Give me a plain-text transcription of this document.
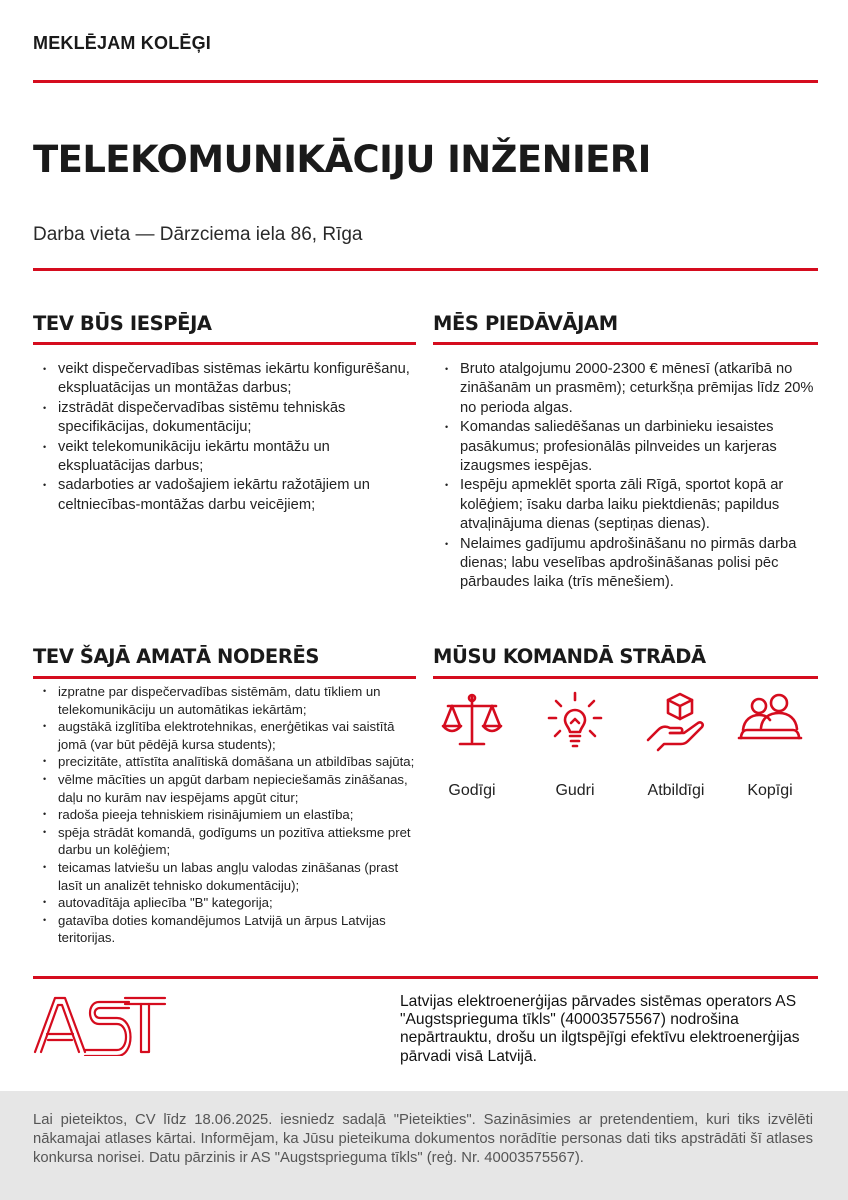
MEKLĒJAM KOLĒĢI
TELEKOMUNIKĀCIJU INŽENIERI
Darba vieta — Dārzciema iela 86, Rīga
TEV BŪS IESPĒJA
• veikt dispečervadības sistēmas iekārtu konfigurēšanu, ekspluatācijas un montāžas darbus;
• izstrādāt dispečervadības sistēmu tehniskās specifikācijas, dokumentāciju;
• veikt telekomunikāciju iekārtu montāžu un ekspluatācijas darbus;
• sadarboties ar vadošajiem iekārtu ražotājiem un celtniecības-montāžas darbu veicējiem;
MĒS PIEDĀVĀJAM
• Bruto atalgojumu 2000-2300 € mēnesī (atkarībā no zināšanām un prasmēm); ceturkšņa prēmijas līdz 20% no perioda algas.
• Komandas saliedēšanas un darbinieku iesaistes pasākumus; profesionālās pilnveides un karjeras izaugsmes iespējas.
• Iespēju apmeklēt sporta zāli Rīgā, sportot kopā ar kolēģiem; īsaku darba laiku piektdienās; papildus atvaļinājuma dienas (septiņas dienas).
• Nelaimes gadījumu apdrošināšanu no pirmās darba dienas; labu veselības apdrošināšanas polisi pēc pārbaudes laika (trīs mēnešiem).
TEV ŠAJĀ AMATĀ NODERĒS
• izpratne par dispečervadības sistēmām, datu tīkliem un telekomunikāciju un automātikas iekārtām;
• augstākā izglītība elektrotehnikas, enerģētikas vai saistītā jomā (var būt pēdējā kursa students);
• precizitāte, attīstīta analītiskā domāšana un atbildības sajūta;
• vēlme mācīties un apgūt darbam nepieciešamās zināšanas, daļu no kurām nav iespējams apgūt citur;
• radoša pieeja tehniskiem risinājumiem un elastība;
• spēja strādāt komandā, godīgums un pozitīva attieksme pret darbu un kolēģiem;
• teicamas latviešu un labas angļu valodas zināšanas (prast lasīt un analizēt tehnisko dokumentāciju);
• autovadītāja apliecība "B" kategorija;
• gatavība doties komandējumos Latvijā un ārpus Latvijas teritorijas.
MŪSU KOMANDĀ STRĀDĀ
Godīgi	Gudri	Atbildīgi	Kopīgi
Latvijas elektroenerģijas pārvades sistēmas operators AS "Augstsprieguma tīkls" (40003575567) nodrošina nepārtrauktu, drošu un ilgtspējīgi efektīvu elektroenerģijas pārvadi visā Latvijā.
Lai pieteiktos, CV līdz 18.06.2025. iesniedz sadaļā "Pieteikties". Sazināsimies ar pretendentiem, kuri tiks izvēlēti nākamajai atlases kārtai. Informējam, ka Jūsu pieteikuma dokumentos norādītie personas dati tiks apstrādāti šī atlases konkursa norisei. Datu pārzinis ir AS "Augstsprieguma tīkls" (reģ. Nr. 40003575567).
